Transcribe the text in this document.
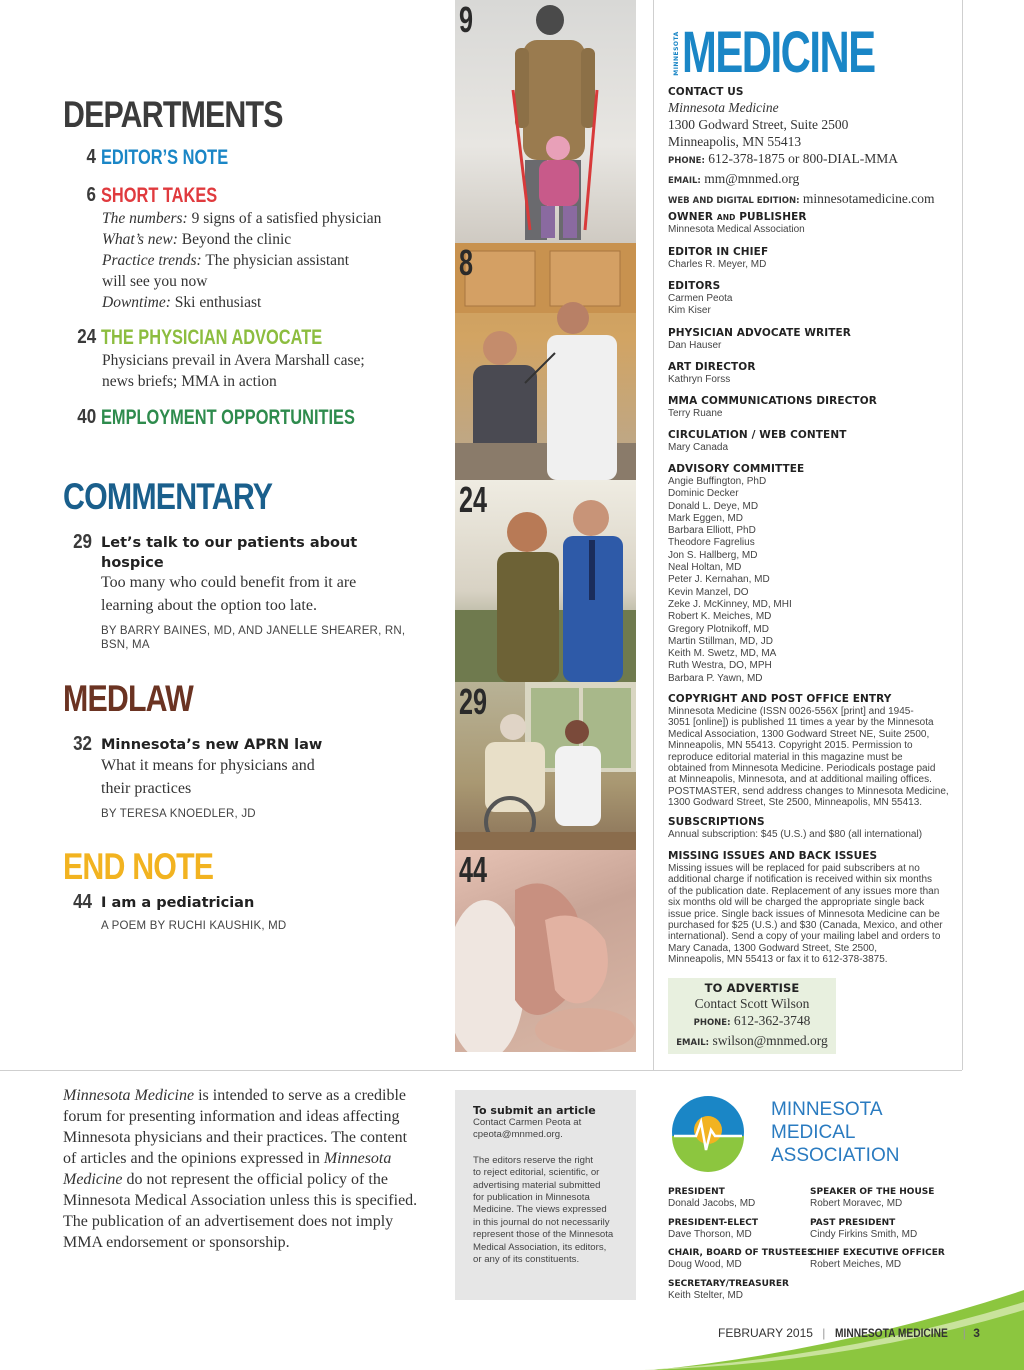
DEPARTMENTS
4 EDITOR’S NOTE
6 SHORT TAKES
The numbers: 9 signs of a satisfied physician
What’s new: Beyond the clinic
Practice trends: The physician assistant
will see you now
Downtime: Ski enthusiast
24 THE PHYSICIAN ADVOCATE
Physicians prevail in Avera Marshall case;
news briefs; MMA in action
40 EMPLOYMENT OPPORTUNITIES
COMMENTARY
29 Let’s talk to our patients about
hospice
Too many who could benefit from it are
learning about the option too late.
BY BARRY BAINES, MD, AND JANELLE SHEARER, RN,
BSN, MA
MEDLAW
32 Minnesota’s new APRN law
What it means for physicians and
their practices
BY TERESA KNOEDLER, JD
END NOTE
44 I am a pediatrician
A POEM BY RUCHI KAUSHIK, MD
9
8
24
29
44
MINNESOTA MEDICINE
CONTACT US
Minnesota Medicine
1300 Godward Street, Suite 2500
Minneapolis, MN 55413
PHONE: 612-378-1875 or 800-DIAL-MMA
EMAIL: mm@mnmed.org
WEB AND DIGITAL EDITION: minnesotamedicine.com
OWNER AND PUBLISHER
Minnesota Medical Association
EDITOR IN CHIEF
Charles R. Meyer, MD
EDITORS
Carmen Peota
Kim Kiser
PHYSICIAN ADVOCATE WRITER
Dan Hauser
ART DIRECTOR
Kathryn Forss
MMA COMMUNICATIONS DIRECTOR
Terry Ruane
CIRCULATION / WEB CONTENT
Mary Canada
ADVISORY COMMITTEE
Angie Buffington, PhD
Dominic Decker
Donald L. Deye, MD
Mark Eggen, MD
Barbara Elliott, PhD
Theodore Fagrelius
Jon S. Hallberg, MD
Neal Holtan, MD
Peter J. Kernahan, MD
Kevin Manzel, DO
Zeke J. McKinney, MD, MHI
Robert K. Meiches, MD
Gregory Plotnikoff, MD
Martin Stillman, MD, JD
Keith M. Swetz, MD, MA
Ruth Westra, DO, MPH
Barbara P. Yawn, MD
COPYRIGHT AND POST OFFICE ENTRY
Minnesota Medicine (ISSN 0026-556X [print] and 1945-
3051 [online]) is published 11 times a year by the Minnesota
Medical Association, 1300 Godward Street NE, Suite 2500,
Minneapolis, MN 55413. Copyright 2015. Permission to
reproduce editorial material in this magazine must be
obtained from Minnesota Medicine. Periodicals postage paid
at Minneapolis, Minnesota, and at additional mailing offices.
POSTMASTER, send address changes to Minnesota Medicine,
1300 Godward Street, Ste 2500, Minneapolis, MN 55413.
SUBSCRIPTIONS
Annual subscription: $45 (U.S.) and $80 (all international)
MISSING ISSUES AND BACK ISSUES
Missing issues will be replaced for paid subscribers at no
additional charge if notification is received within six months
of the publication date. Replacement of any issues more than
six months old will be charged the appropriate single back
issue price. Single back issues of Minnesota Medicine can be
purchased for $25 (U.S.) and $30 (Canada, Mexico, and other
international). Send a copy of your mailing label and orders to
Mary Canada, 1300 Godward Street, Ste 2500,
Minneapolis, MN 55413 or fax it to 612-378-3875.
TO ADVERTISE
Contact Scott Wilson
PHONE: 612-362-3748
EMAIL: swilson@mnmed.org
Minnesota Medicine is intended to serve as a credible
forum for presenting information and ideas affecting
Minnesota physicians and their practices. The content
of articles and the opinions expressed in Minnesota
Medicine do not represent the official policy of the
Minnesota Medical Association unless this is specified.
The publication of an advertisement does not imply
MMA endorsement or sponsorship.
To submit an article
Contact Carmen Peota at
cpeota@mnmed.org.
The editors reserve the right
to reject editorial, scientific, or
advertising material submitted
for publication in Minnesota
Medicine. The views expressed
in this journal do not necessarily
represent those of the Minnesota
Medical Association, its editors,
or any of its constituents.
MINNESOTA
MEDICAL
ASSOCIATION
PRESIDENT
Donald Jacobs, MD
SPEAKER OF THE HOUSE
Robert Moravec, MD
PRESIDENT-ELECT
Dave Thorson, MD
PAST PRESIDENT
Cindy Firkins Smith, MD
CHAIR, BOARD OF TRUSTEES
Doug Wood, MD
CHIEF EXECUTIVE OFFICER
Robert Meiches, MD
SECRETARY/TREASURER
Keith Stelter, MD
FEBRUARY 2015 | MINNESOTA MEDICINE | 3
